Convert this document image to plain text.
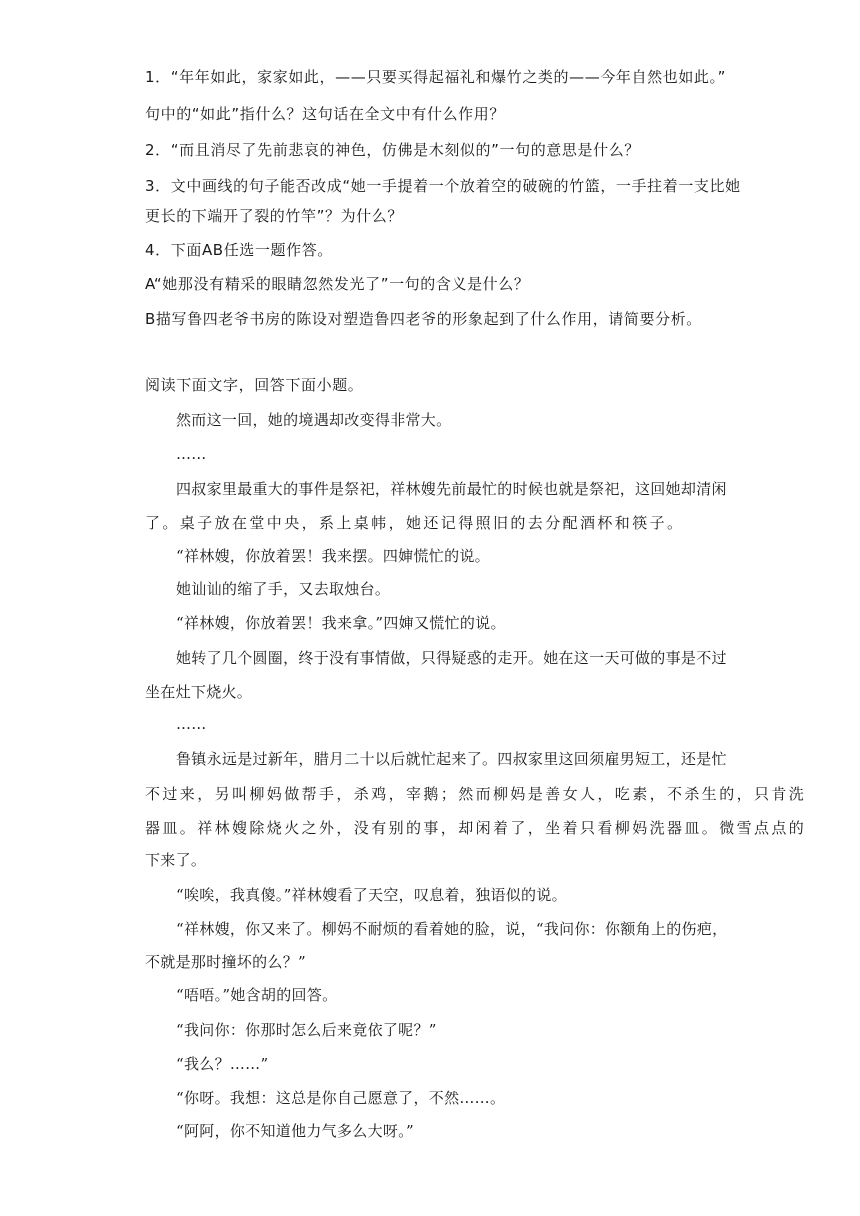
1．“年年如此，家家如此，——只要买得起福礼和爆竹之类的——今年自然也如此。”
句中的“如此”指什么？这句话在全文中有什么作用？
2．“而且消尽了先前悲哀的神色，仿佛是木刻似的”一句的意思是什么？
3．文中画线的句子能否改成“她一手提着一个放着空的破碗的竹篮，一手拄着一支比她
更长的下端开了裂的竹竿”？为什么？
4．下面AB任选一题作答。
A“她那没有精采的眼睛忽然发光了”一句的含义是什么？
B描写鲁四老爷书房的陈设对塑造鲁四老爷的形象起到了什么作用，请简要分析。
阅读下面文字，回答下面小题。
然而这一回，她的境遇却改变得非常大。
……
四叔家里最重大的事件是祭祀，祥林嫂先前最忙的时候也就是祭祀，这回她却清闲
了。桌子放在堂中央，系上桌帏，她还记得照旧的去分配酒杯和筷子。
“祥林嫂，你放着罢！我来摆。四婶慌忙的说。
她讪讪的缩了手，又去取烛台。
“祥林嫂，你放着罢！我来拿。”四婶又慌忙的说。
她转了几个圆圈，终于没有事情做，只得疑惑的走开。她在这一天可做的事是不过
坐在灶下烧火。
……
鲁镇永远是过新年，腊月二十以后就忙起来了。四叔家里这回须雇男短工，还是忙
不过来，另叫柳妈做帮手，杀鸡，宰鹅；然而柳妈是善女人，吃素，不杀生的，只肯洗
器皿。祥林嫂除烧火之外，没有别的事，却闲着了，坐着只看柳妈洗器皿。微雪点点的
下来了。
“唉唉，我真傻。”祥林嫂看了天空，叹息着，独语似的说。
“祥林嫂，你又来了。柳妈不耐烦的看着她的脸，说，“我问你：你额角上的伤疤，
不就是那时撞坏的么？”
“唔唔。”她含胡的回答。
“我问你：你那时怎么后来竟依了呢？”
“我么？……”
“你呀。我想：这总是你自己愿意了，不然……。
“阿阿，你不知道他力气多么大呀。”
